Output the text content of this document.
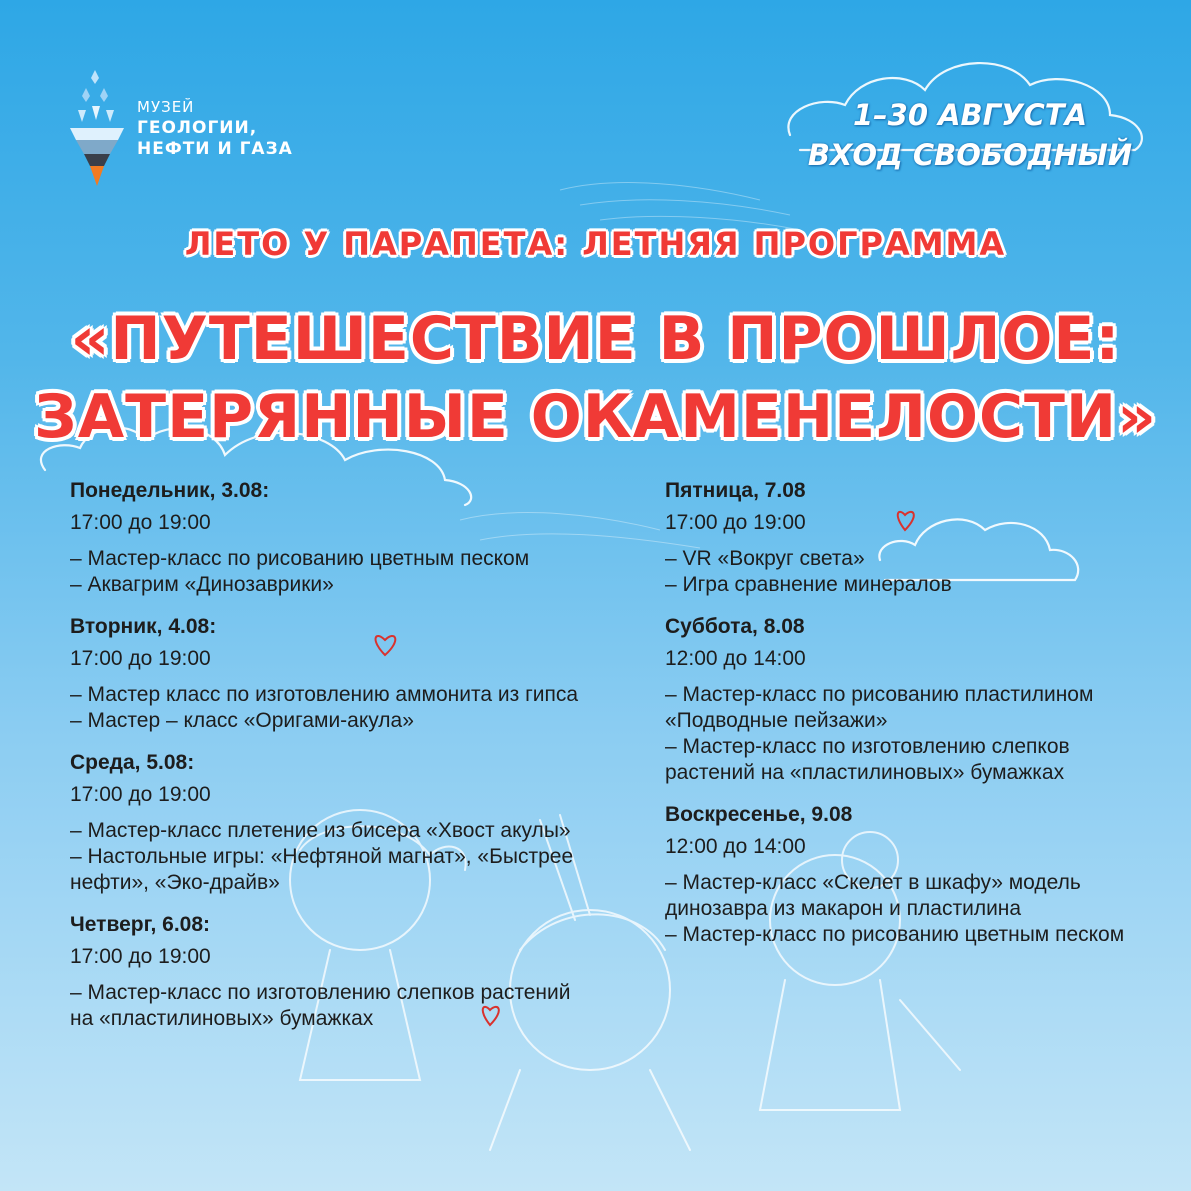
МУЗЕЙ
ГЕОЛОГИИ,
НЕФТИ И ГАЗА
1–30 АВГУСТА
ВХОД СВОБОДНЫЙ
ЛЕТО У ПАРАПЕТА: ЛЕТНЯЯ ПРОГРАММА
«ПУТЕШЕСТВИЕ В ПРОШЛОЕ:
ЗАТЕРЯННЫЕ ОКАМЕНЕЛОСТИ»
Понедельник, 3.08:
17:00 до 19:00
– Мастер-класс по рисованию цветным песком
– Аквагрим «Динозаврики»
Вторник, 4.08:
17:00 до 19:00
– Мастер класс по изготовлению аммонита из гипса
– Мастер – класс «Оригами-акула»
Среда, 5.08:
17:00 до 19:00
– Мастер-класс плетение из бисера «Хвост акулы»
– Настольные игры: «Нефтяной магнат», «Быстрее нефти», «Эко-драйв»
Четверг, 6.08:
17:00 до 19:00
– Мастер-класс по изготовлению слепков растений на «пластилиновых» бумажках
Пятница, 7.08
17:00 до 19:00
– VR «Вокруг света»
– Игра сравнение минералов
Суббота, 8.08
12:00 до 14:00
– Мастер-класс по рисованию пластилином «Подводные пейзажи»
– Мастер-класс по изготовлению слепков растений на «пластилиновых» бумажках
Воскресенье, 9.08
12:00 до 14:00
– Мастер-класс «Скелет в шкафу» модель динозавра из макарон и пластилина
– Мастер-класс по рисованию цветным песком
